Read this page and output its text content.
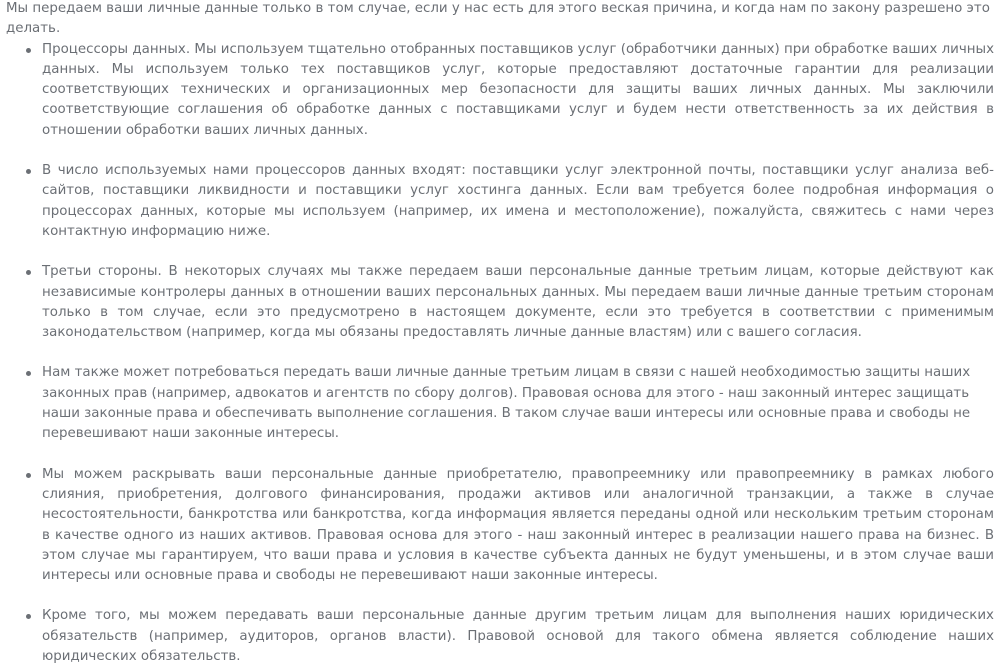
Мы передаем ваши личные данные только в том случае, если у нас есть для этого веская причина, и когда нам по закону разрешено это делать.

Процессоры данных. Мы используем тщательно отобранных поставщиков услуг (обработчики данных) при обработке ваших личных данных. Мы используем только тех поставщиков услуг, которые предоставляют достаточные гарантии для реализации соответствующих технических и организационных мер безопасности для защиты ваших личных данных. Мы заключили соответствующие соглашения об обработке данных с поставщиками услуг и будем нести ответственность за их действия в отношении обработки ваших личных данных.
В число используемых нами процессоров данных входят: поставщики услуг электронной почты, поставщики услуг анализа веб-сайтов, поставщики ликвидности и поставщики услуг хостинга данных. Если вам требуется более подробная информация о процессорах данных, которые мы используем (например, их имена и местоположение), пожалуйста, свяжитесь с нами через контактную информацию ниже.
Третьи стороны. В некоторых случаях мы также передаем ваши персональные данные третьим лицам, которые действуют как независимые контролеры данных в отношении ваших персональных данных. Мы передаем ваши личные данные третьим сторонам только в том случае, если это предусмотрено в настоящем документе, если это требуется в соответствии с применимым законодательством (например, когда мы обязаны предоставлять личные данные властям) или с вашего согласия.
Нам также может потребоваться передать ваши личные данные третьим лицам в связи с нашей необходимостью защиты наших законных прав (например, адвокатов и агентств по сбору долгов). Правовая основа для этого - наш законный интерес защищать наши законные права и обеспечивать выполнение соглашения. В таком случае ваши интересы или основные права и свободы не перевешивают наши законные интересы.
Мы можем раскрывать ваши персональные данные приобретателю, правопреемнику или правопреемнику в рамках любого слияния, приобретения, долгового финансирования, продажи активов или аналогичной транзакции, а также в случае несостоятельности, банкротства или банкротства, когда информация является переданы одной или нескольким третьим сторонам в качестве одного из наших активов. Правовая основа для этого - наш законный интерес в реализации нашего права на бизнес. В этом случае мы гарантируем, что ваши права и условия в качестве субъекта данных не будут уменьшены, и в этом случае ваши интересы или основные права и свободы не перевешивают наши законные интересы.
Кроме того, мы можем передавать ваши персональные данные другим третьим лицам для выполнения наших юридических обязательств (например, аудиторов, органов власти). Правовой основой для такого обмена является соблюдение наших юридических обязательств.
